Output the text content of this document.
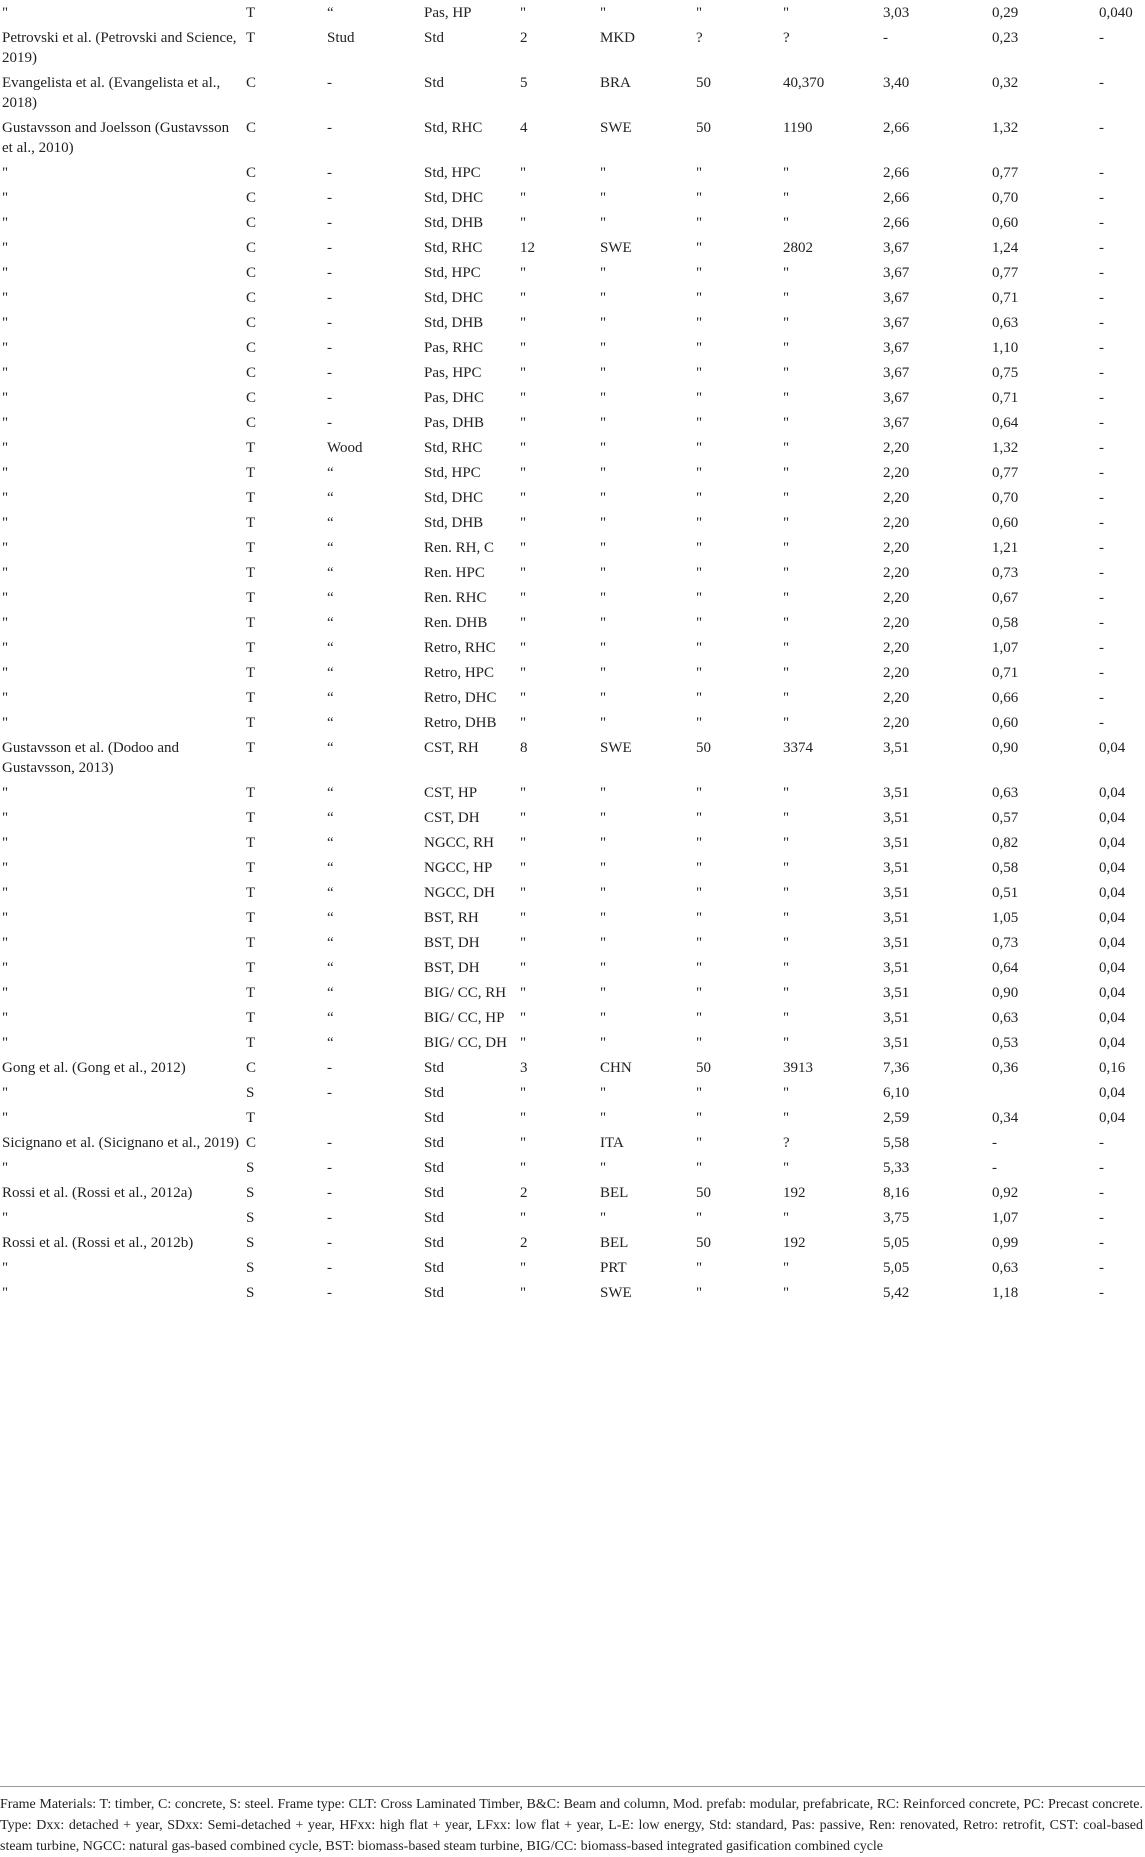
"	T	“	Pas, HP	"	"	"	"	3,03	0,29	0,040
Petrovski et al. (Petrovski and Science, 2019)	T	Stud	Std	2	MKD	?	?	-	0,23	-
Evangelista et al. (Evangelista et al., 2018)	C	-	Std	5	BRA	50	40,370	3,40	0,32	-
Gustavsson and Joelsson (Gustavsson et al., 2010)	C	-	Std, RHC	4	SWE	50	1190	2,66	1,32	-
"	C	-	Std, HPC	"	"	"	"	2,66	0,77	-
"	C	-	Std, DHC	"	"	"	"	2,66	0,70	-
"	C	-	Std, DHB	"	"	"	"	2,66	0,60	-
"	C	-	Std, RHC	12	SWE	"	2802	3,67	1,24	-
"	C	-	Std, HPC	"	"	"	"	3,67	0,77	-
"	C	-	Std, DHC	"	"	"	"	3,67	0,71	-
"	C	-	Std, DHB	"	"	"	"	3,67	0,63	-
"	C	-	Pas, RHC	"	"	"	"	3,67	1,10	-
"	C	-	Pas, HPC	"	"	"	"	3,67	0,75	-
"	C	-	Pas, DHC	"	"	"	"	3,67	0,71	-
"	C	-	Pas, DHB	"	"	"	"	3,67	0,64	-
"	T	Wood	Std, RHC	"	"	"	"	2,20	1,32	-
"	T	“	Std, HPC	"	"	"	"	2,20	0,77	-
"	T	“	Std, DHC	"	"	"	"	2,20	0,70	-
"	T	“	Std, DHB	"	"	"	"	2,20	0,60	-
"	T	“	Ren. RH, C	"	"	"	"	2,20	1,21	-
"	T	“	Ren. HPC	"	"	"	"	2,20	0,73	-
"	T	“	Ren. RHC	"	"	"	"	2,20	0,67	-
"	T	“	Ren. DHB	"	"	"	"	2,20	0,58	-
"	T	“	Retro, RHC	"	"	"	"	2,20	1,07	-
"	T	“	Retro, HPC	"	"	"	"	2,20	0,71	-
"	T	“	Retro, DHC	"	"	"	"	2,20	0,66	-
"	T	“	Retro, DHB	"	"	"	"	2,20	0,60	-
Gustavsson et al. (Dodoo and Gustavsson, 2013)	T	“	CST, RH	8	SWE	50	3374	3,51	0,90	0,04
"	T	“	CST, HP	"	"	"	"	3,51	0,63	0,04
"	T	“	CST, DH	"	"	"	"	3,51	0,57	0,04
"	T	“	NGCC, RH	"	"	"	"	3,51	0,82	0,04
"	T	“	NGCC, HP	"	"	"	"	3,51	0,58	0,04
"	T	“	NGCC, DH	"	"	"	"	3,51	0,51	0,04
"	T	“	BST, RH	"	"	"	"	3,51	1,05	0,04
"	T	“	BST, DH	"	"	"	"	3,51	0,73	0,04
"	T	“	BST, DH	"	"	"	"	3,51	0,64	0,04
"	T	“	BIG/ CC, RH	"	"	"	"	3,51	0,90	0,04
"	T	“	BIG/ CC, HP	"	"	"	"	3,51	0,63	0,04
"	T	“	BIG/ CC, DH	"	"	"	"	3,51	0,53	0,04
Gong et al. (Gong et al., 2012)	C	-	Std	3	CHN	50	3913	7,36	0,36	0,16
"	S	-	Std	"	"	"	"	6,10		0,04
"	T		Std	"	"	"	"	2,59	0,34	0,04
Sicignano et al. (Sicignano et al., 2019)	C	-	Std	"	ITA	"	?	5,58	-	-
"	S	-	Std	"	"	"	"	5,33	-	-
Rossi et al. (Rossi et al., 2012a)	S	-	Std	2	BEL	50	192	8,16	0,92	-
"	S	-	Std	"	"	"	"	3,75	1,07	-
Rossi et al. (Rossi et al., 2012b)	S	-	Std	2	BEL	50	192	5,05	0,99	-
"	S	-	Std	"	PRT	"	"	5,05	0,63	-
"	S	-	Std	"	SWE	"	"	5,42	1,18	-
Frame Materials: T: timber, C: concrete, S: steel. Frame type: CLT: Cross Laminated Timber, B&C: Beam and column, Mod. prefab: modular, prefabricate, RC: Reinforced concrete, PC: Precast concrete. Type: Dxx: detached + year, SDxx: Semi-detached + year, HFxx: high flat + year, LFxx: low flat + year, L-E: low energy, Std: standard, Pas: passive, Ren: renovated, Retro: retrofit, CST: coal-based steam turbine, NGCC: natural gas-based combined cycle, BST: biomass-based steam turbine, BIG/CC: biomass-based integrated gasification combined cycle
